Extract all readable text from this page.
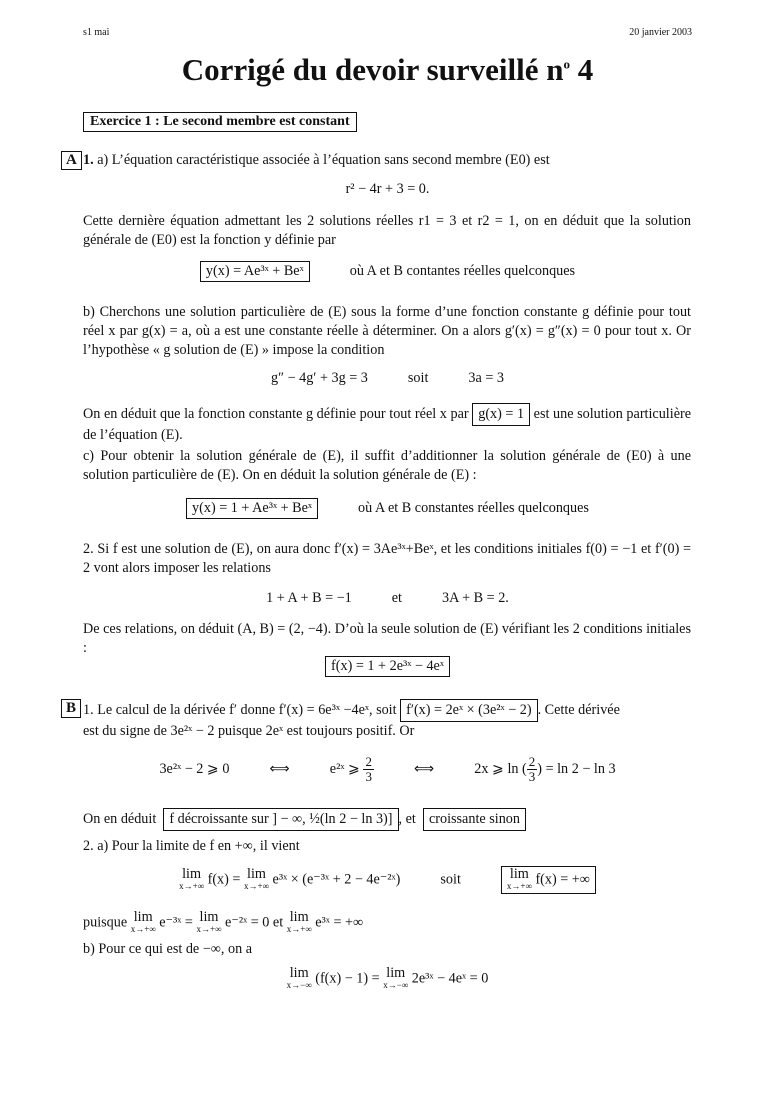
s1 mai	20 janvier 2003
Corrigé du devoir surveillé $n^o$ 4
Exercice 1 : Le second membre est constant
A 1. a) L’équation caractéristique associée à l’équation sans second membre (E0) est
r² − 4r + 3 = 0.
Cette dernière équation admettant les 2 solutions réelles r1 = 3 et r2 = 1, on en déduit que la solution générale de (E0) est la fonction y définie par
y(x) = Ae³ˣ + Beˣ	où A et B contantes réelles quelconques
b) Cherchons une solution particulière de (E) sous la forme d’une fonction constante g définie pour tout réel x par g(x) = a, où a est une constante réelle à déterminer. On a alors g′(x) = g″(x) = 0 pour tout x. Or l’hypothèse « g solution de (E) » impose la condition
g″ − 4g′ + 3g = 3	soit	3a = 3
On en déduit que la fonction constante g définie pour tout réel x par g(x) = 1 est une solution particulière de l’équation (E).
c) Pour obtenir la solution générale de (E), il suffit d’additionner la solution générale de (E0) à une solution particulière de (E). On en déduit la solution générale de (E) :
y(x) = 1 + Ae³ˣ + Beˣ	où A et B constantes réelles quelconques
2. Si f est une solution de (E), on aura donc f′(x) = 3Ae³ˣ+Beˣ, et les conditions initiales f(0) = −1 et f′(0) = 2 vont alors imposer les relations
1 + A + B = −1	et	3A + B = 2.
De ces relations, on déduit (A, B) = (2, −4). D’où la seule solution de (E) vérifiant les 2 conditions initiales :
f(x) = 1 + 2e³ˣ − 4eˣ
B 1. Le calcul de la dérivée f′ donne f′(x) = 6e³ˣ −4eˣ, soit f′(x) = 2eˣ × (3e²ˣ − 2) . Cette dérivée
est du signe de 3e²ˣ − 2 puisque 2eˣ est toujours positif. Or
3e²ˣ − 2 ⩾ 0	⟺	e²ˣ ⩾ $\frac{2}{3}$	⟺	2x ⩾ ln ( $\frac{2}{3}$ ) = ln 2 − ln 3
On en déduit f décroissante sur ] − ∞, ½(ln 2 − ln 3)] , et croissante sinon
2. a) Pour la limite de f en +∞, il vient
lim
x→+∞ f(x) = lim
x→+∞ e³ˣ × (e⁻³ˣ + 2 − 4e⁻²ˣ)	soit	lim
x→+∞ f(x) = +∞
puisque lim
x→+∞ e⁻³ˣ = lim
x→+∞ e⁻²ˣ = 0 et lim
x→+∞ e³ˣ = +∞
b) Pour ce qui est de −∞, on a
lim
x→−∞ (f(x) − 1) = lim
x→−∞ 2e³ˣ − 4eˣ = 0
